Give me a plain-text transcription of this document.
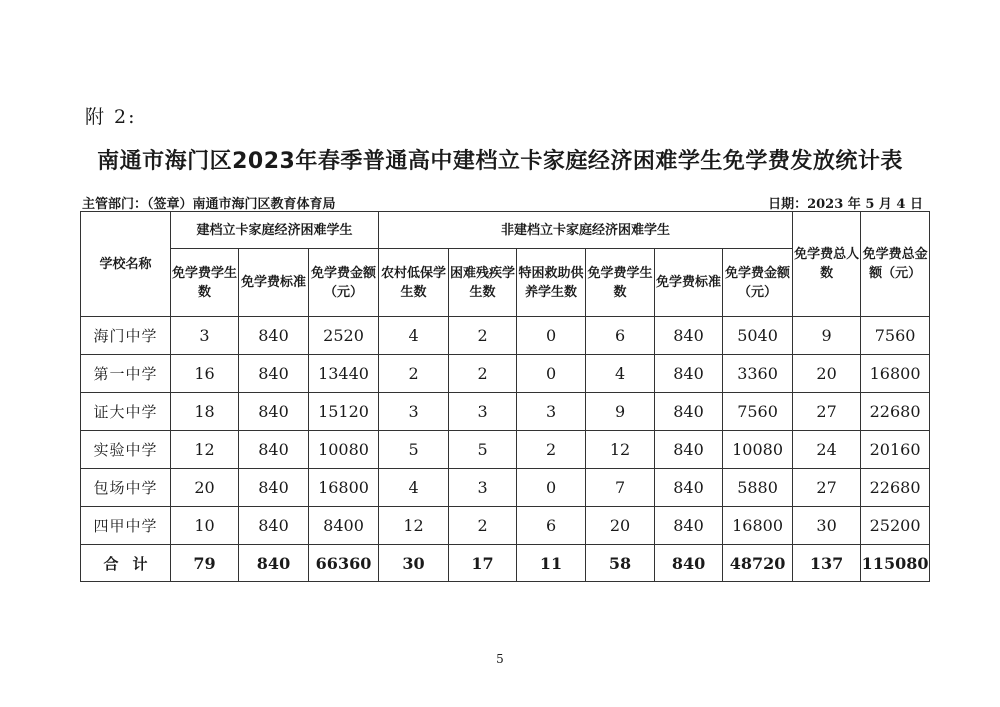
附 2:
南通市海门区2023年春季普通高中建档立卡家庭经济困难学生免学费发放统计表
主管部门：（签章）南通市海门区教育体育局	日期：2023 年 5 月 4 日
学校名称	建档立卡家庭经济困难学生			非建档立卡家庭经济困难学生						免学费总人数	免学费总金额（元）
	免学费学生数	免学费标准	免学费金额（元）	农村低保学生数	困难残疾学生数	特困救助供养学生数	免学费学生数	免学费标准	免学费金额（元）		
海门中学	3	840	2520	4	2	0	6	840	5040	9	7560
第一中学	16	840	13440	2	2	0	4	840	3360	20	16800
证大中学	18	840	15120	3	3	3	9	840	7560	27	22680
实验中学	12	840	10080	5	5	2	12	840	10080	24	20160
包场中学	20	840	16800	4	3	0	7	840	5880	27	22680
四甲中学	10	840	8400	12	2	6	20	840	16800	30	25200
合计	79	840	66360	30	17	11	58	840	48720	137	115080
5
